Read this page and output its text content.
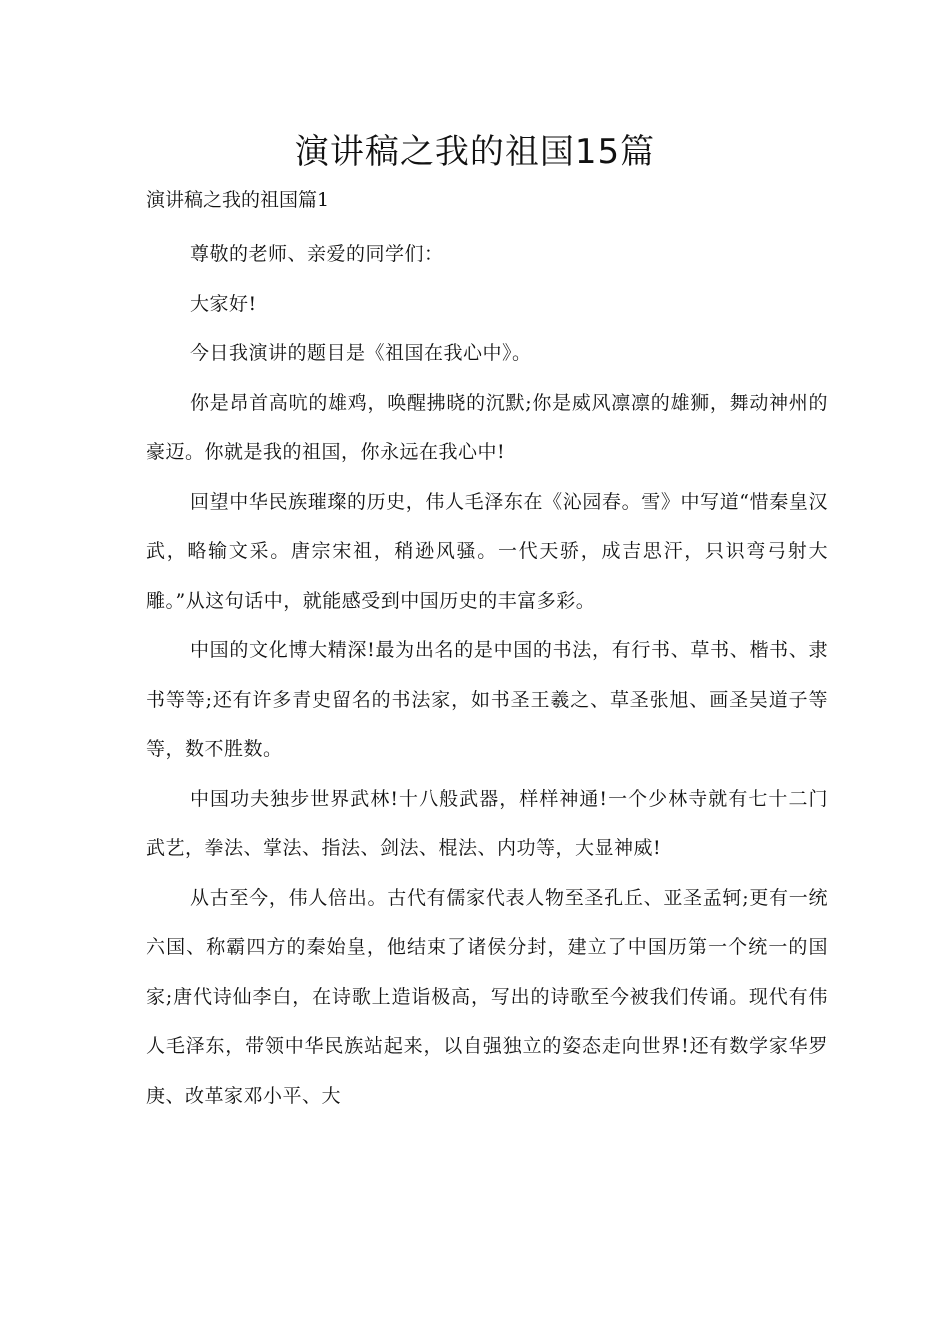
演讲稿之我的祖国15篇
演讲稿之我的祖国篇1

尊敬的老师、亲爱的同学们：

大家好!

今日我演讲的题目是《祖国在我心中》。

你是昂首高吭的雄鸡，唤醒拂晓的沉默;你是威风凛凛的雄狮，舞动神州的豪迈。你就是我的祖国，你永远在我心中!

回望中华民族璀璨的历史，伟人毛泽东在《沁园春。雪》中写道“惜秦皇汉武，略输文采。唐宗宋祖，稍逊风骚。一代天骄，成吉思汗，只识弯弓射大雕。”从这句话中，就能感受到中国历史的丰富多彩。

中国的文化博大精深!最为出名的是中国的书法，有行书、草书、楷书、隶书等等;还有许多青史留名的书法家，如书圣王羲之、草圣张旭、画圣吴道子等等，数不胜数。

中国功夫独步世界武林!十八般武器，样样神通!一个少林寺就有七十二门武艺，拳法、掌法、指法、剑法、棍法、内功等，大显神威!

从古至今，伟人倍出。古代有儒家代表人物至圣孔丘、亚圣孟轲;更有一统六国、称霸四方的秦始皇，他结束了诸侯分封，建立了中国历第一个统一的国家;唐代诗仙李白，在诗歌上造诣极高，写出的诗歌至今被我们传诵。现代有伟人毛泽东，带领中华民族站起来，以自强独立的姿态走向世界!还有数学家华罗庚、改革家邓小平、大
